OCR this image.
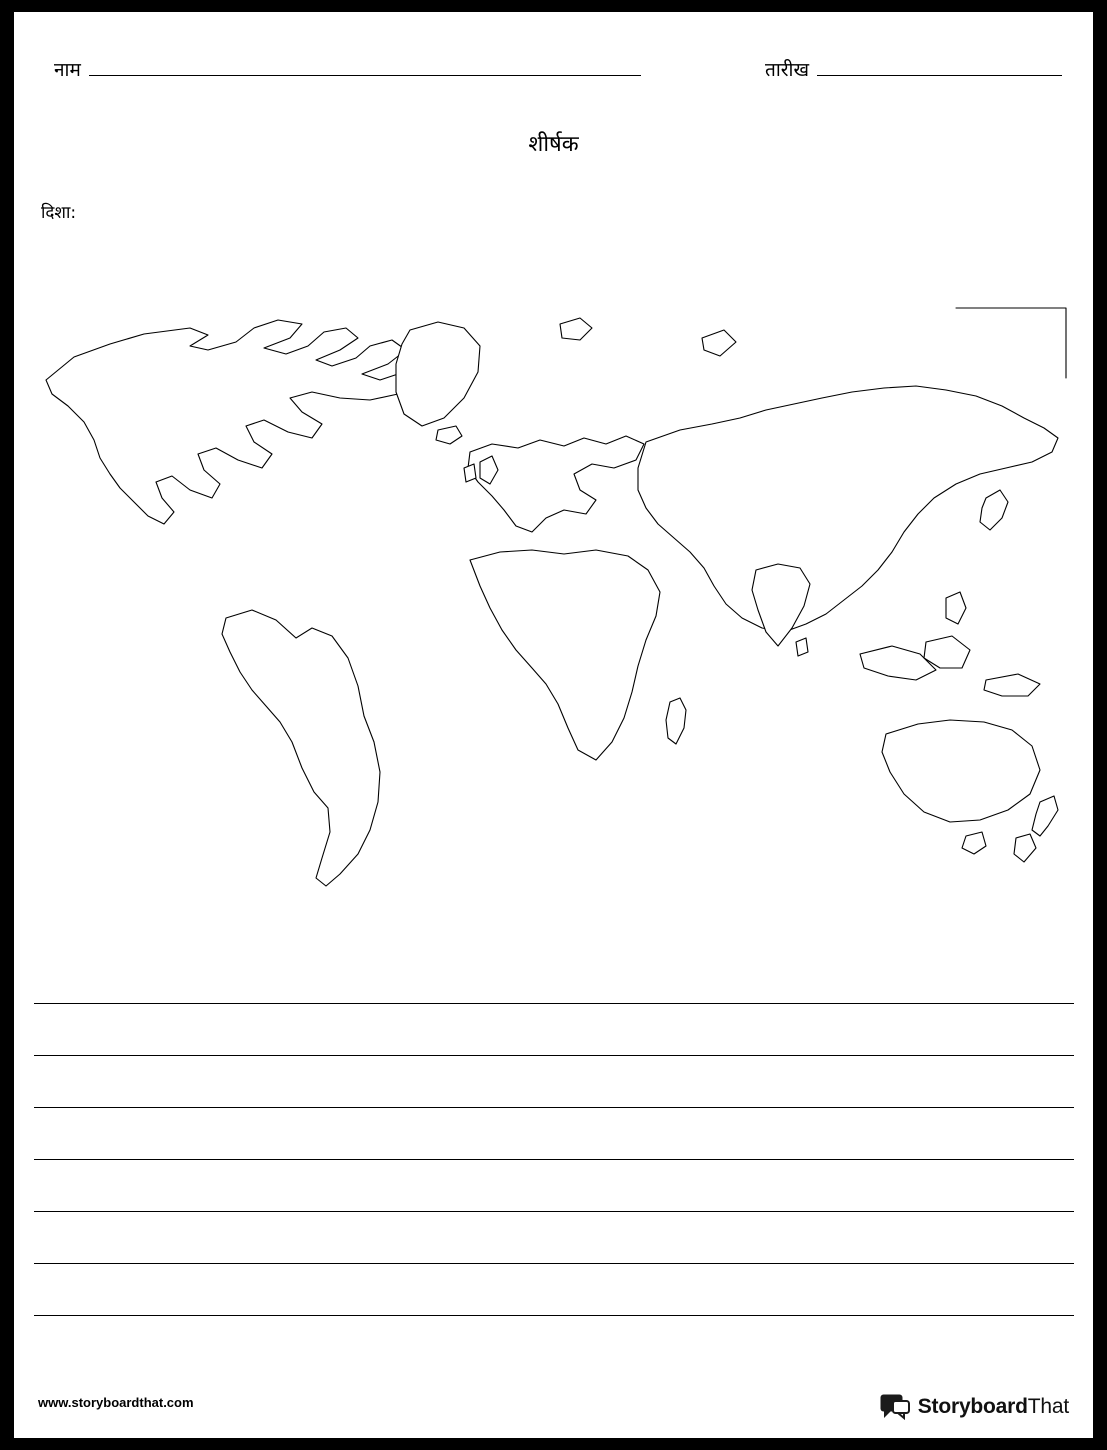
नाम	तारीख
शीर्षक
दिशा:
www.storyboardthat.com	StoryboardThat
